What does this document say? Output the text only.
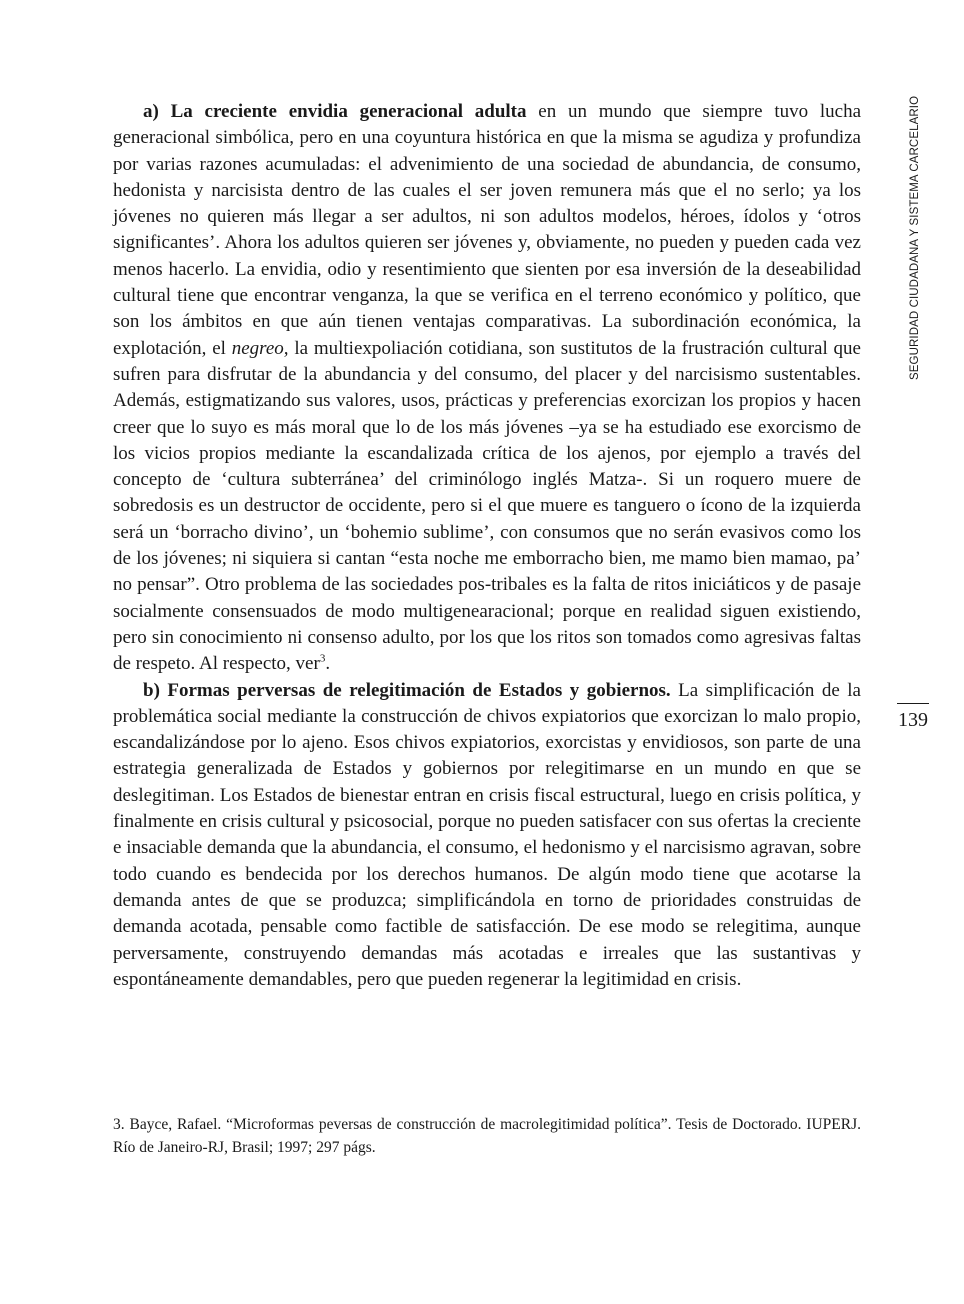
SEGURIDAD CIUDADANA Y SISTEMA CARCELARIO
139

a) La creciente envidia generacional adulta en un mundo que siempre tuvo lucha generacional simbólica, pero en una coyuntura histórica en que la misma se agudiza y profundiza por varias razones acumuladas: el advenimiento de una sociedad de abundancia, de consumo, hedonista y narcisista dentro de las cuales el ser joven remunera más que el no serlo; ya los jóvenes no quieren más llegar a ser adultos, ni son adultos modelos, héroes, ídolos y ‘otros significantes’. Ahora los adultos quieren ser jóvenes y, obviamente, no pueden y pueden cada vez menos hacerlo. La envidia, odio y resentimiento que sienten por esa inversión de la deseabilidad cultural tiene que encontrar venganza, la que se verifica en el terreno económico y político, que son los ámbitos en que aún tienen ventajas comparativas. La subordinación económica, la explotación, el negreo, la multiexpoliación cotidiana, son sustitutos de la frustración cultural que sufren para disfrutar de la abundancia y del consumo, del placer y del narcisismo sustentables. Además, estigmatizando sus valores, usos, prácticas y preferencias exorcizan los propios y hacen creer que lo suyo es más moral que lo de los más jóvenes –ya se ha estudiado ese exorcismo de los vicios propios mediante la escandalizada crítica de los ajenos, por ejemplo a través del concepto de ‘cultura subterránea’ del criminólogo inglés Matza-. Si un roquero muere de sobredosis es un destructor de occidente, pero si el que muere es tanguero o ícono de la izquierda será un ‘borracho divino’, un ‘bohemio sublime’, con consumos que no serán evasivos como los de los jóvenes; ni siquiera si cantan “esta noche me emborracho bien, me mamo bien mamao, pa’ no pensar”. Otro problema de las sociedades pos-tribales es la falta de ritos iniciáticos y de pasaje socialmente consensuados de modo multigenearacional; porque en realidad siguen existiendo, pero sin conocimiento ni consenso adulto, por los que los ritos son tomados como agresivas faltas de respeto. Al respecto, ver$^3$.

b) Formas perversas de relegitimación de Estados y gobiernos. La simplificación de la problemática social mediante la construcción de chivos expiatorios que exorcizan lo malo propio, escandalizándose por lo ajeno. Esos chivos expiatorios, exorcistas y envidiosos, son parte de una estrategia generalizada de Estados y gobiernos por relegitimarse en un mundo en que se deslegitiman. Los Estados de bienestar entran en crisis fiscal estructural, luego en crisis política, y finalmente en crisis cultural y psicosocial, porque no pueden satisfacer con sus ofertas la creciente e insaciable demanda que la abundancia, el consumo, el hedonismo y el narcisismo agravan, sobre todo cuando es bendecida por los derechos humanos. De algún modo tiene que acotarse la demanda antes de que se produzca; simplificándola en torno de prioridades construidas de demanda acotada, pensable como factible de satisfacción. De ese modo se relegitima, aunque perversamente, construyendo demandas más acotadas e irreales que las sustantivas y espontáneamente demandables, pero que pueden regenerar la legitimidad en crisis.

3. Bayce, Rafael. “Microformas peversas de construcción de macrolegitimidad política”. Tesis de Doctorado. IUPERJ. Río de Janeiro-RJ, Brasil; 1997; 297 págs.
